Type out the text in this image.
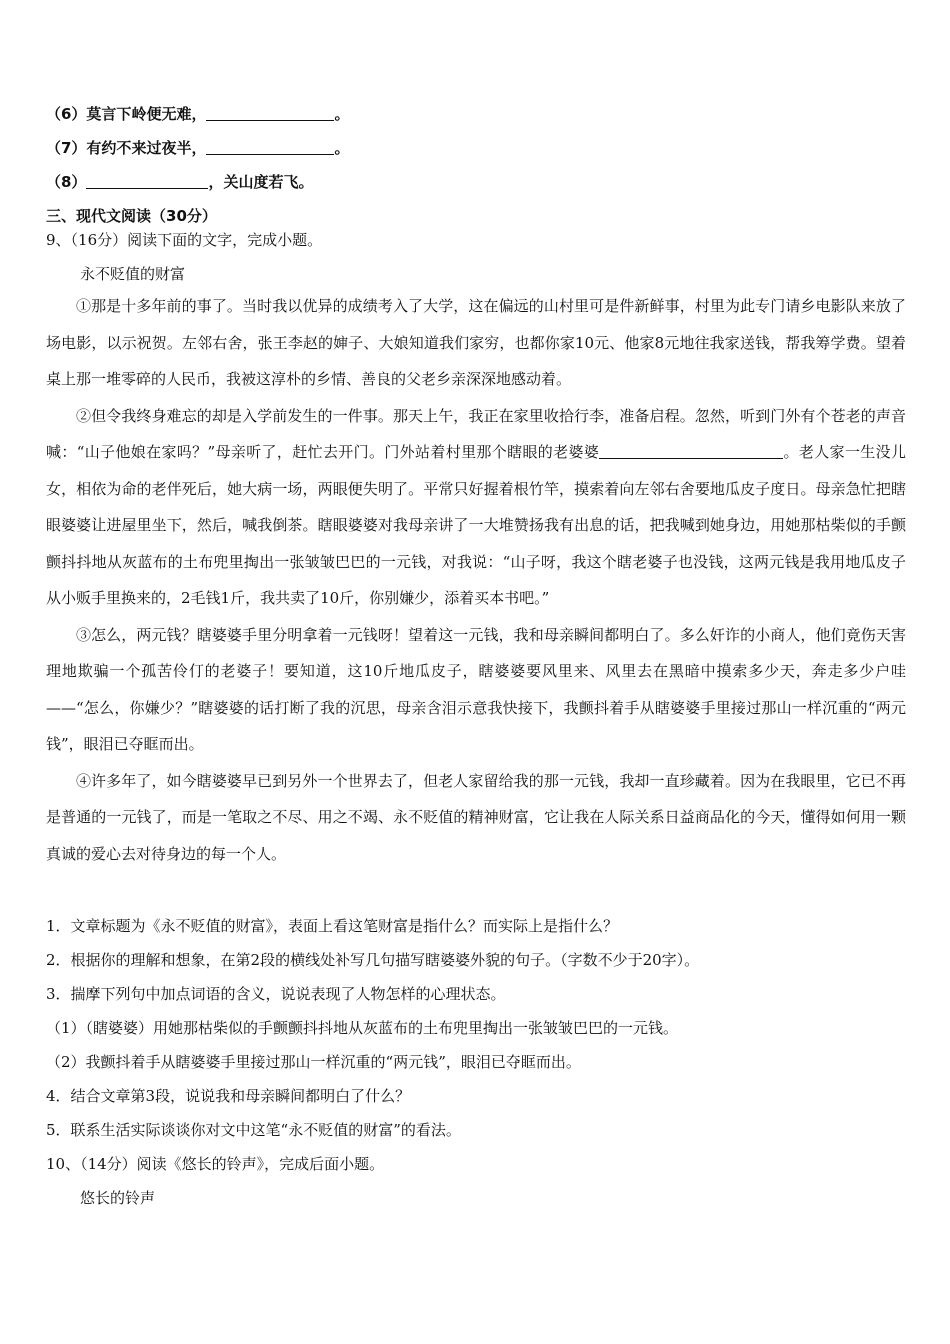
（6）莫言下岭便无难，	。
（7）有约不来过夜半，	。
（8）	，关山度若飞。
三、现代文阅读（30分）
9、（16分）阅读下面的文字，完成小题。
永不贬值的财富

①那是十多年前的事了。当时我以优异的成绩考入了大学，这在偏远的山村里可是件新鲜事，村里为此专门请乡电影队来放了场电影，以示祝贺。左邻右舍，张王李赵的婶子、大娘知道我们家穷，也都你家10元、他家8元地往我家送钱，帮我筹学费。望着桌上那一堆零碎的人民币，我被这淳朴的乡情、善良的父老乡亲深深地感动着。

②但令我终身难忘的却是入学前发生的一件事。那天上午，我正在家里收拾行李，准备启程。忽然，听到门外有个苍老的声音喊：“山子他娘在家吗？”母亲听了，赶忙去开门。门外站着村里那个瞎眼的老婆婆	。老人家一生没儿女，相依为命的老伴死后，她大病一场，两眼便失明了。平常只好握着根竹竿，摸索着向左邻右舍要地瓜皮子度日。母亲急忙把瞎眼婆婆让进屋里坐下，然后，喊我倒茶。瞎眼婆婆对我母亲讲了一大堆赞扬我有出息的话，把我喊到她身边，用她那枯柴似的手颤颤抖抖地从灰蓝布的土布兜里掏出一张皱皱巴巴的一元钱，对我说：“山子呀，我这个瞎老婆子也没钱，这两元钱是我用地瓜皮子从小贩手里换来的，2毛钱1斤，我共卖了10斤，你别嫌少，添着买本书吧。”

③怎么，两元钱？瞎婆婆手里分明拿着一元钱呀！望着这一元钱，我和母亲瞬间都明白了。多么奸诈的小商人，他们竟伤天害理地欺骗一个孤苦伶仃的老婆子！要知道，这10斤地瓜皮子，瞎婆婆要风里来、风里去在黑暗中摸索多少天，奔走多少户哇——“怎么，你嫌少？”瞎婆婆的话打断了我的沉思，母亲含泪示意我快接下，我颤抖着手从瞎婆婆手里接过那山一样沉重的“两元钱”，眼泪已夺眶而出。

④许多年了，如今瞎婆婆早已到另外一个世界去了，但老人家留给我的那一元钱，我却一直珍藏着。因为在我眼里，它已不再是普通的一元钱了，而是一笔取之不尽、用之不竭、永不贬值的精神财富，它让我在人际关系日益商品化的今天，懂得如何用一颗真诚的爱心去对待身边的每一个人。

1．文章标题为《永不贬值的财富》，表面上看这笔财富是指什么？而实际上是指什么？
2．根据你的理解和想象，在第2段的横线处补写几句描写瞎婆婆外貌的句子。（字数不少于20字）。
3．揣摩下列句中加点词语的含义，说说表现了人物怎样的心理状态。
（1）（瞎婆婆）用她那枯柴似的手颤颤抖抖地从灰蓝布的土布兜里掏出一张皱皱巴巴的一元钱。
（2）我颤抖着手从瞎婆婆手里接过那山一样沉重的“两元钱”，眼泪已夺眶而出。
4．结合文章第3段，说说我和母亲瞬间都明白了什么？
5．联系生活实际谈谈你对文中这笔“永不贬值的财富”的看法。
10、（14分）阅读《悠长的铃声》，完成后面小题。
悠长的铃声
